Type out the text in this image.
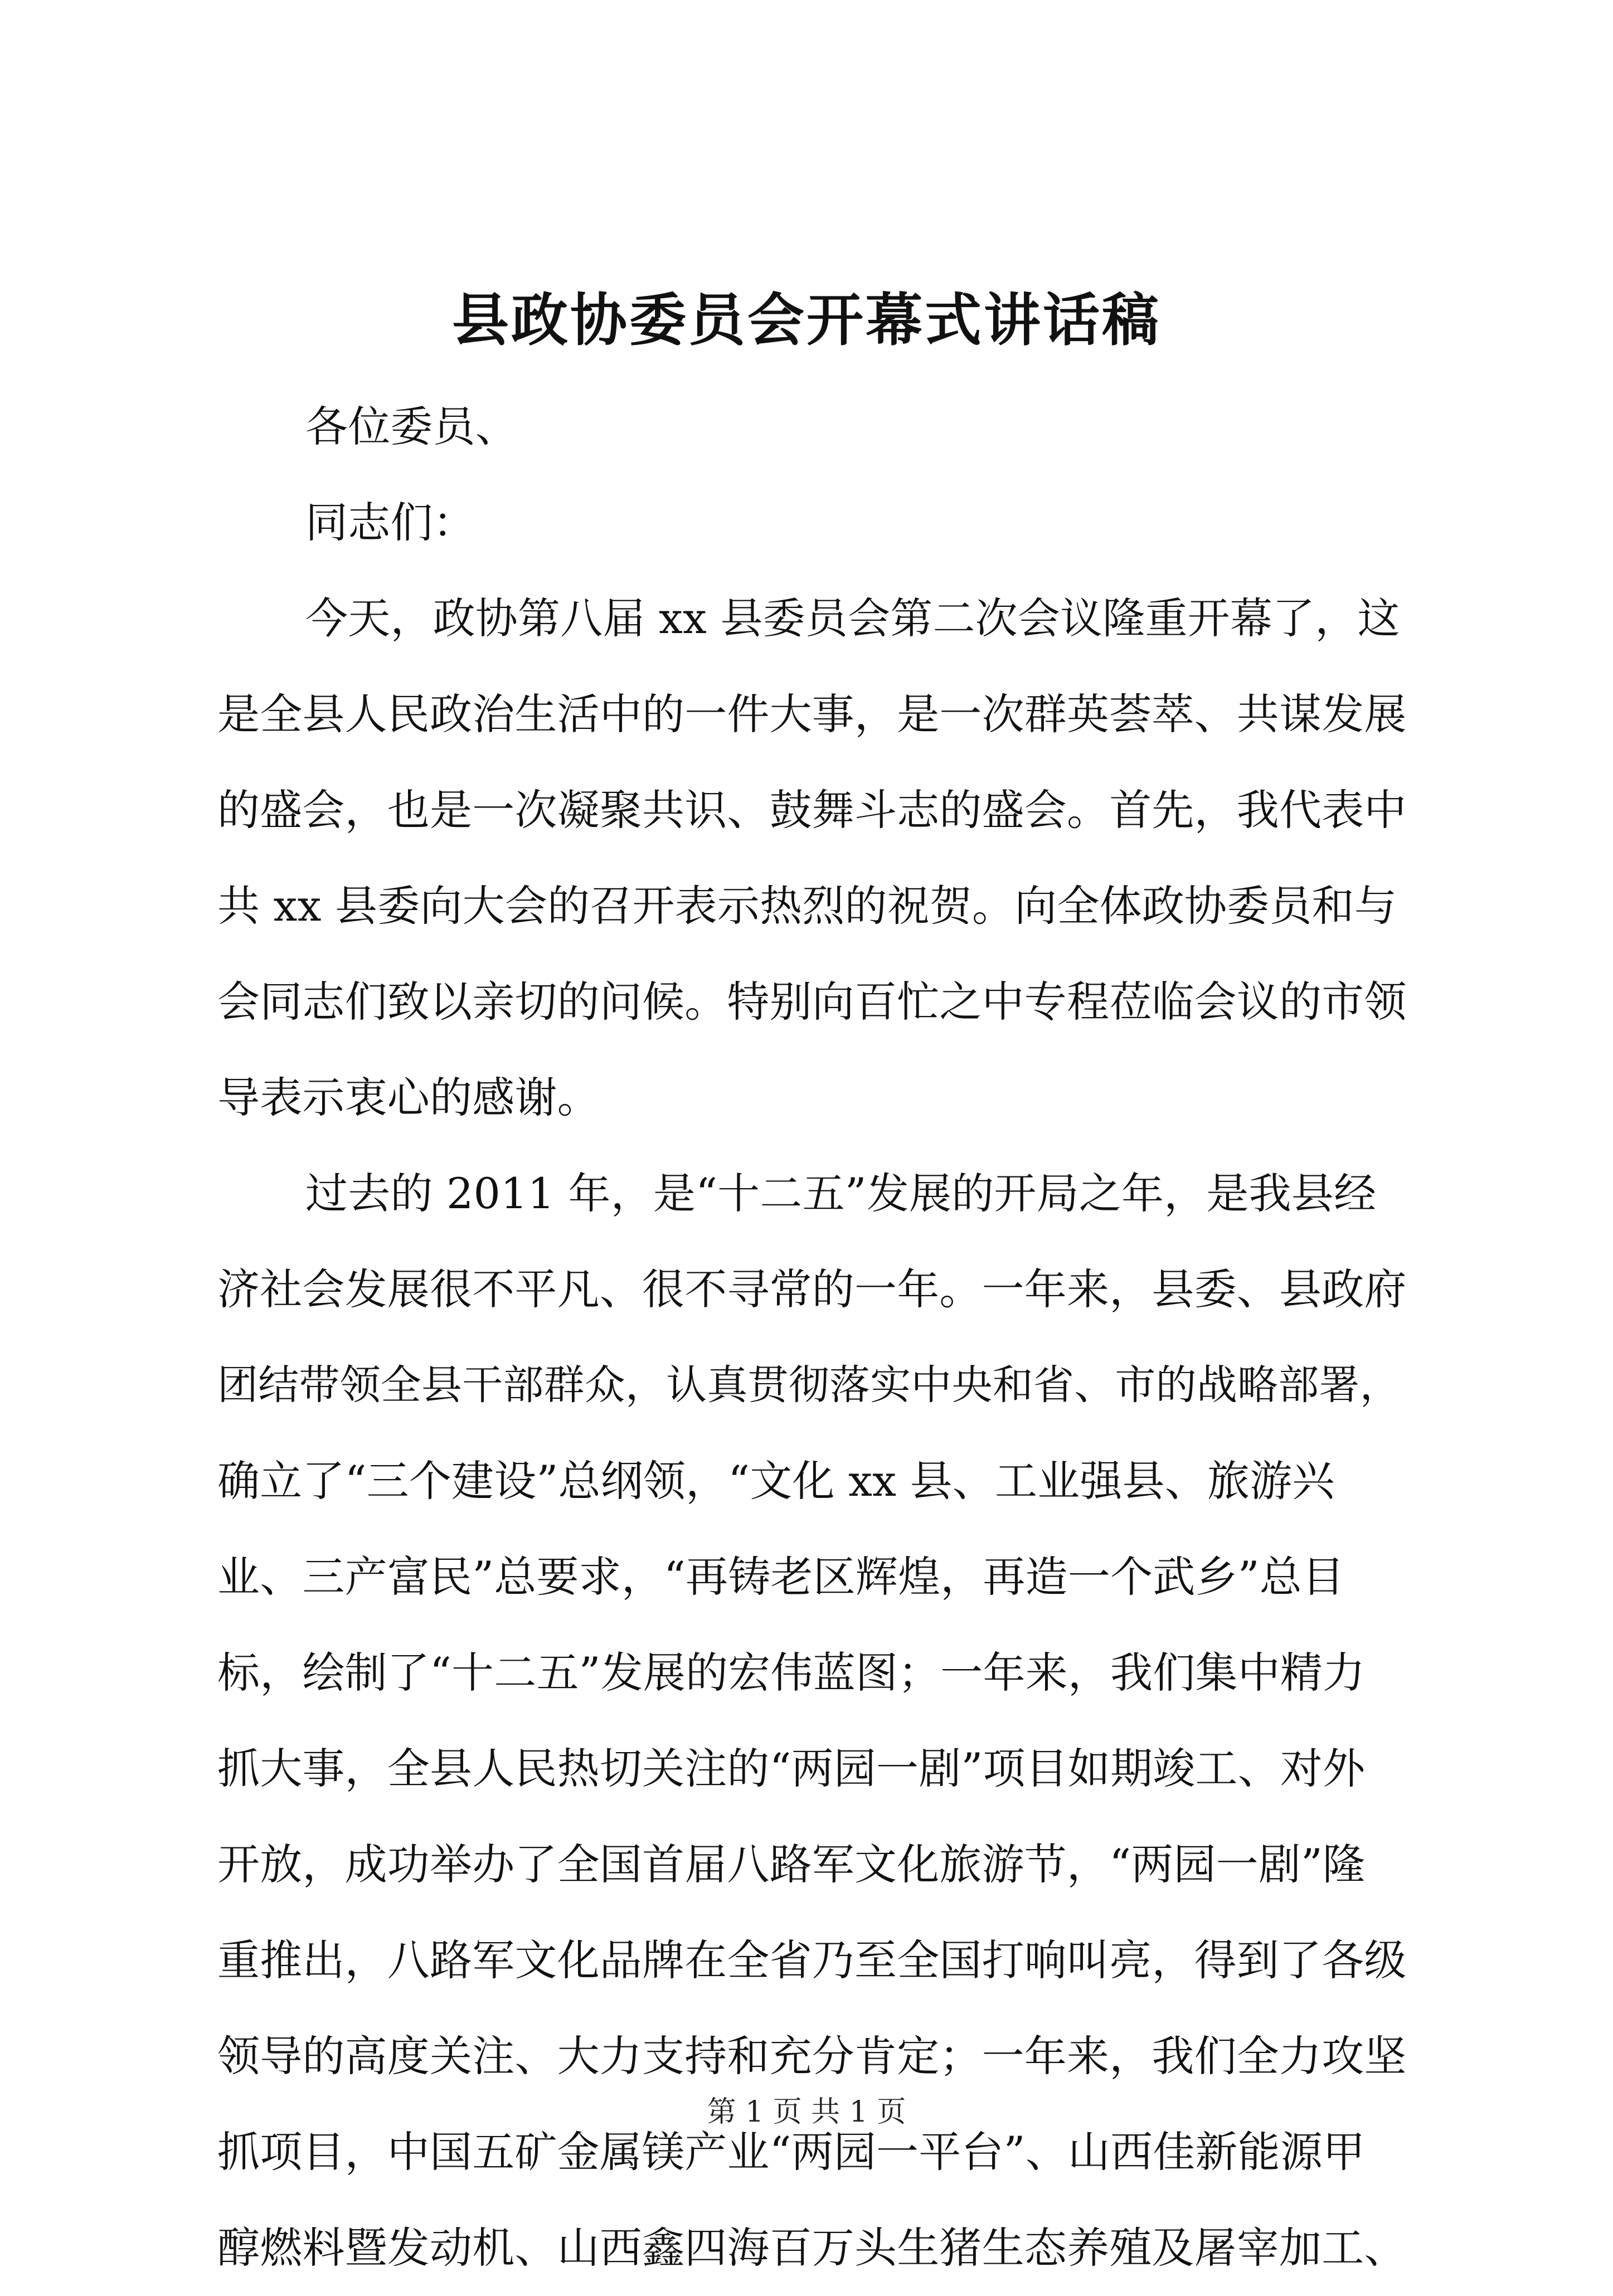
县政协委员会开幕式讲话稿
各位委员、
同志们：
今天，政协第八届 xx 县委员会第二次会议隆重开幕了，这
是全县人民政治生活中的一件大事，是一次群英荟萃、共谋发展
的盛会，也是一次凝聚共识、鼓舞斗志的盛会。首先，我代表中
共 xx 县委向大会的召开表示热烈的祝贺。向全体政协委员和与
会同志们致以亲切的问候。特别向百忙之中专程莅临会议的市领
导表示衷心的感谢。
过去的 2011 年，是“十二五”发展的开局之年，是我县经
济社会发展很不平凡、很不寻常的一年。一年来，县委、县政府
团结带领全县干部群众，认真贯彻落实中央和省、市的战略部署，
确立了“三个建设”总纲领，“文化 xx 县、工业强县、旅游兴
业、三产富民”总要求，“再铸老区辉煌，再造一个武乡”总目
标，绘制了“十二五”发展的宏伟蓝图；一年来，我们集中精力
抓大事，全县人民热切关注的“两园一剧”项目如期竣工、对外
开放，成功举办了全国首届八路军文化旅游节，“两园一剧”隆
重推出，八路军文化品牌在全省乃至全国打响叫亮，得到了各级
领导的高度关注、大力支持和充分肯定；一年来，我们全力攻坚
抓项目，中国五矿金属镁产业“两园一平台”、山西佳新能源甲
醇燃料暨发动机、山西鑫四海百万头生猪生态养殖及屠宰加工、
第 1 页 共 1 页
